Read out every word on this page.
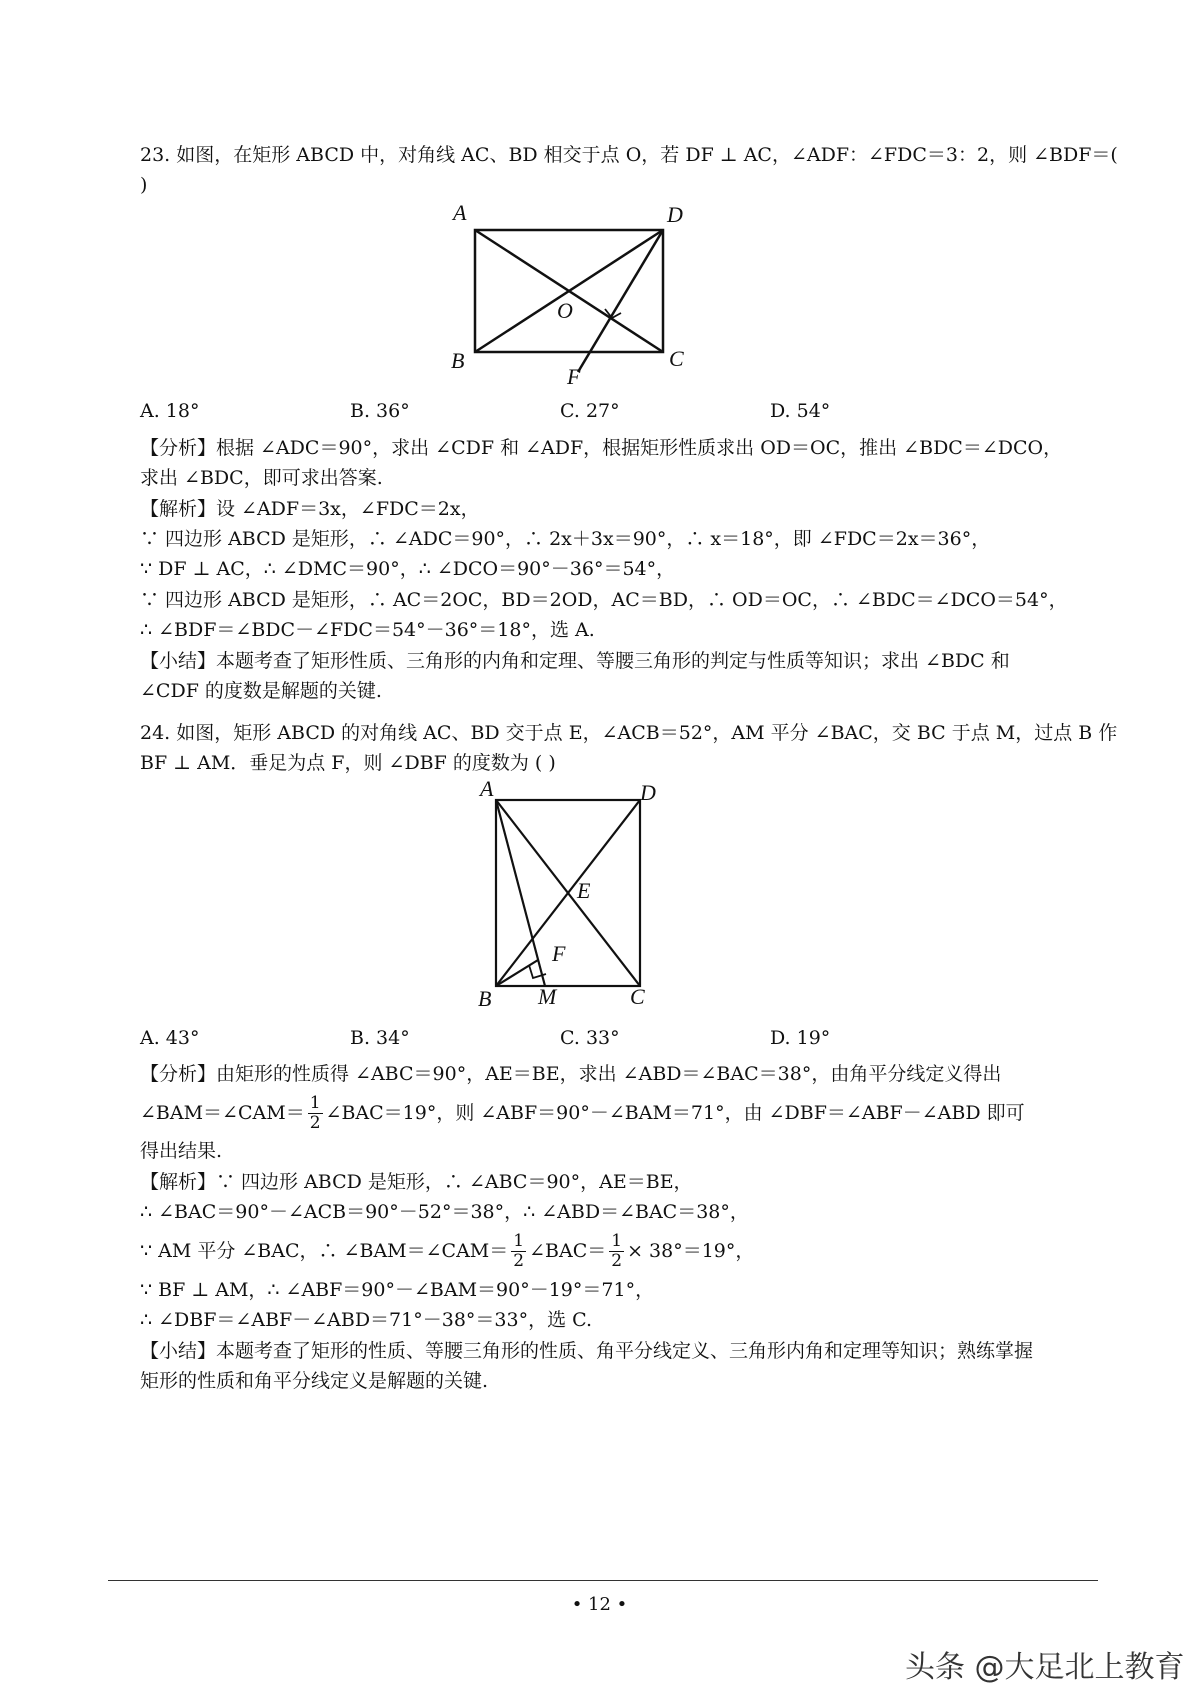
23. 如图，在矩形 ABCD 中，对角线 AC、BD 相交于点 O，若 DF ⊥ AC，∠ADF：∠FDC＝3：2，则 ∠BDF＝(
)
A	D
B	C
O
F
A. 18°	B. 36°	C. 27°	D. 54°
【分析】根据 ∠ADC＝90°，求出 ∠CDF 和 ∠ADF，根据矩形性质求出 OD＝OC，推出 ∠BDC＝∠DCO，
求出 ∠BDC，即可求出答案.
【解析】设 ∠ADF＝3x，∠FDC＝2x，
∵ 四边形 ABCD 是矩形，∴ ∠ADC＝90°，∴ 2x＋3x＝90°，∴ x＝18°，即 ∠FDC＝2x＝36°，
∵ DF ⊥ AC，∴ ∠DMC＝90°，∴ ∠DCO＝90°－36°＝54°，
∵ 四边形 ABCD 是矩形，∴ AC＝2OC，BD＝2OD，AC＝BD，∴ OD＝OC，∴ ∠BDC＝∠DCO＝54°，
∴ ∠BDF＝∠BDC－∠FDC＝54°－36°＝18°，选 A.
【小结】本题考查了矩形性质、三角形的内角和定理、等腰三角形的判定与性质等知识；求出 ∠BDC 和
∠CDF 的度数是解题的关键.
24. 如图，矩形 ABCD 的对角线 AC、BD 交于点 E，∠ACB＝52°，AM 平分 ∠BAC，交 BC 于点 M，过点 B 作
BF ⊥ AM．垂足为点 F，则 ∠DBF 的度数为 ( )
A	D
E
F
B M	C
A. 43°	B. 34°	C. 33°	D. 19°
【分析】由矩形的性质得 ∠ABC＝90°，AE＝BE，求出 ∠ABD＝∠BAC＝38°，由角平分线定义得出
∠BAM＝∠CAM＝ $\frac{1}{2}$ ∠BAC＝19°，则 ∠ABF＝90°－∠BAM＝71°，由 ∠DBF＝∠ABF－∠ABD 即可
得出结果.
【解析】∵ 四边形 ABCD 是矩形，∴ ∠ABC＝90°，AE＝BE，
∴ ∠BAC＝90°－∠ACB＝90°－52°＝38°，∴ ∠ABD＝∠BAC＝38°，
∵ AM 平分 ∠BAC，∴ ∠BAM＝∠CAM＝ $\frac{1}{2}$ ∠BAC＝ $\frac{1}{2} \times 38^\circ=19^\circ$，
∵ BF ⊥ AM，∴ ∠ABF＝90°－∠BAM＝90°－19°＝71°，
∴ ∠DBF＝∠ABF－∠ABD＝71°－38°＝33°，选 C.
【小结】本题考查了矩形的性质、等腰三角形的性质、角平分线定义、三角形内角和定理等知识；熟练掌握
矩形的性质和角平分线定义是解题的关键.
• 12 •
头条 @大足北上教育
